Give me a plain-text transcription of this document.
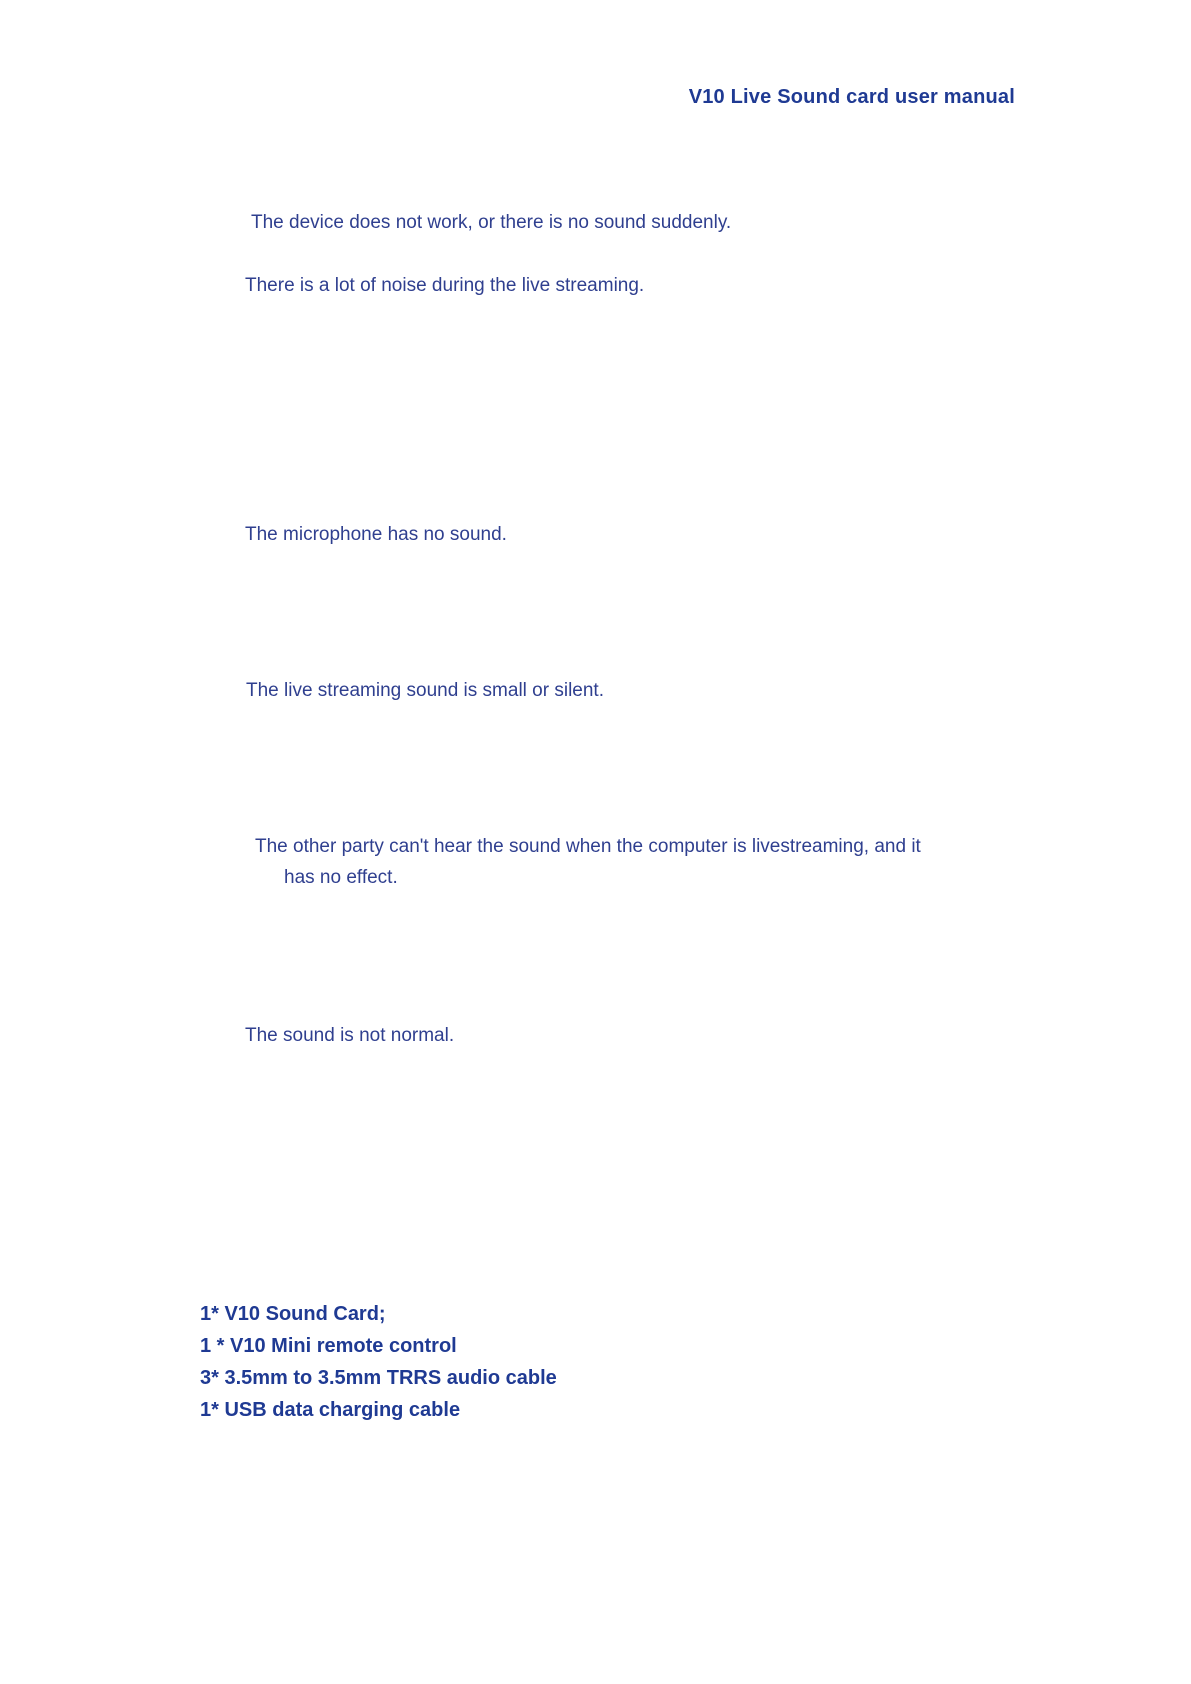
V10 Live Sound card user manual
The device does not work, or there is no sound suddenly.
There is a lot of noise during the live streaming.
The microphone has no sound.
The live streaming sound is small or silent.
The other party can't hear the sound when the computer is livestreaming, and it
has no effect.
The sound is not normal.
1* V10 Sound Card;
1 * V10 Mini remote control
3* 3.5mm to 3.5mm TRRS audio cable
1* USB data charging cable
